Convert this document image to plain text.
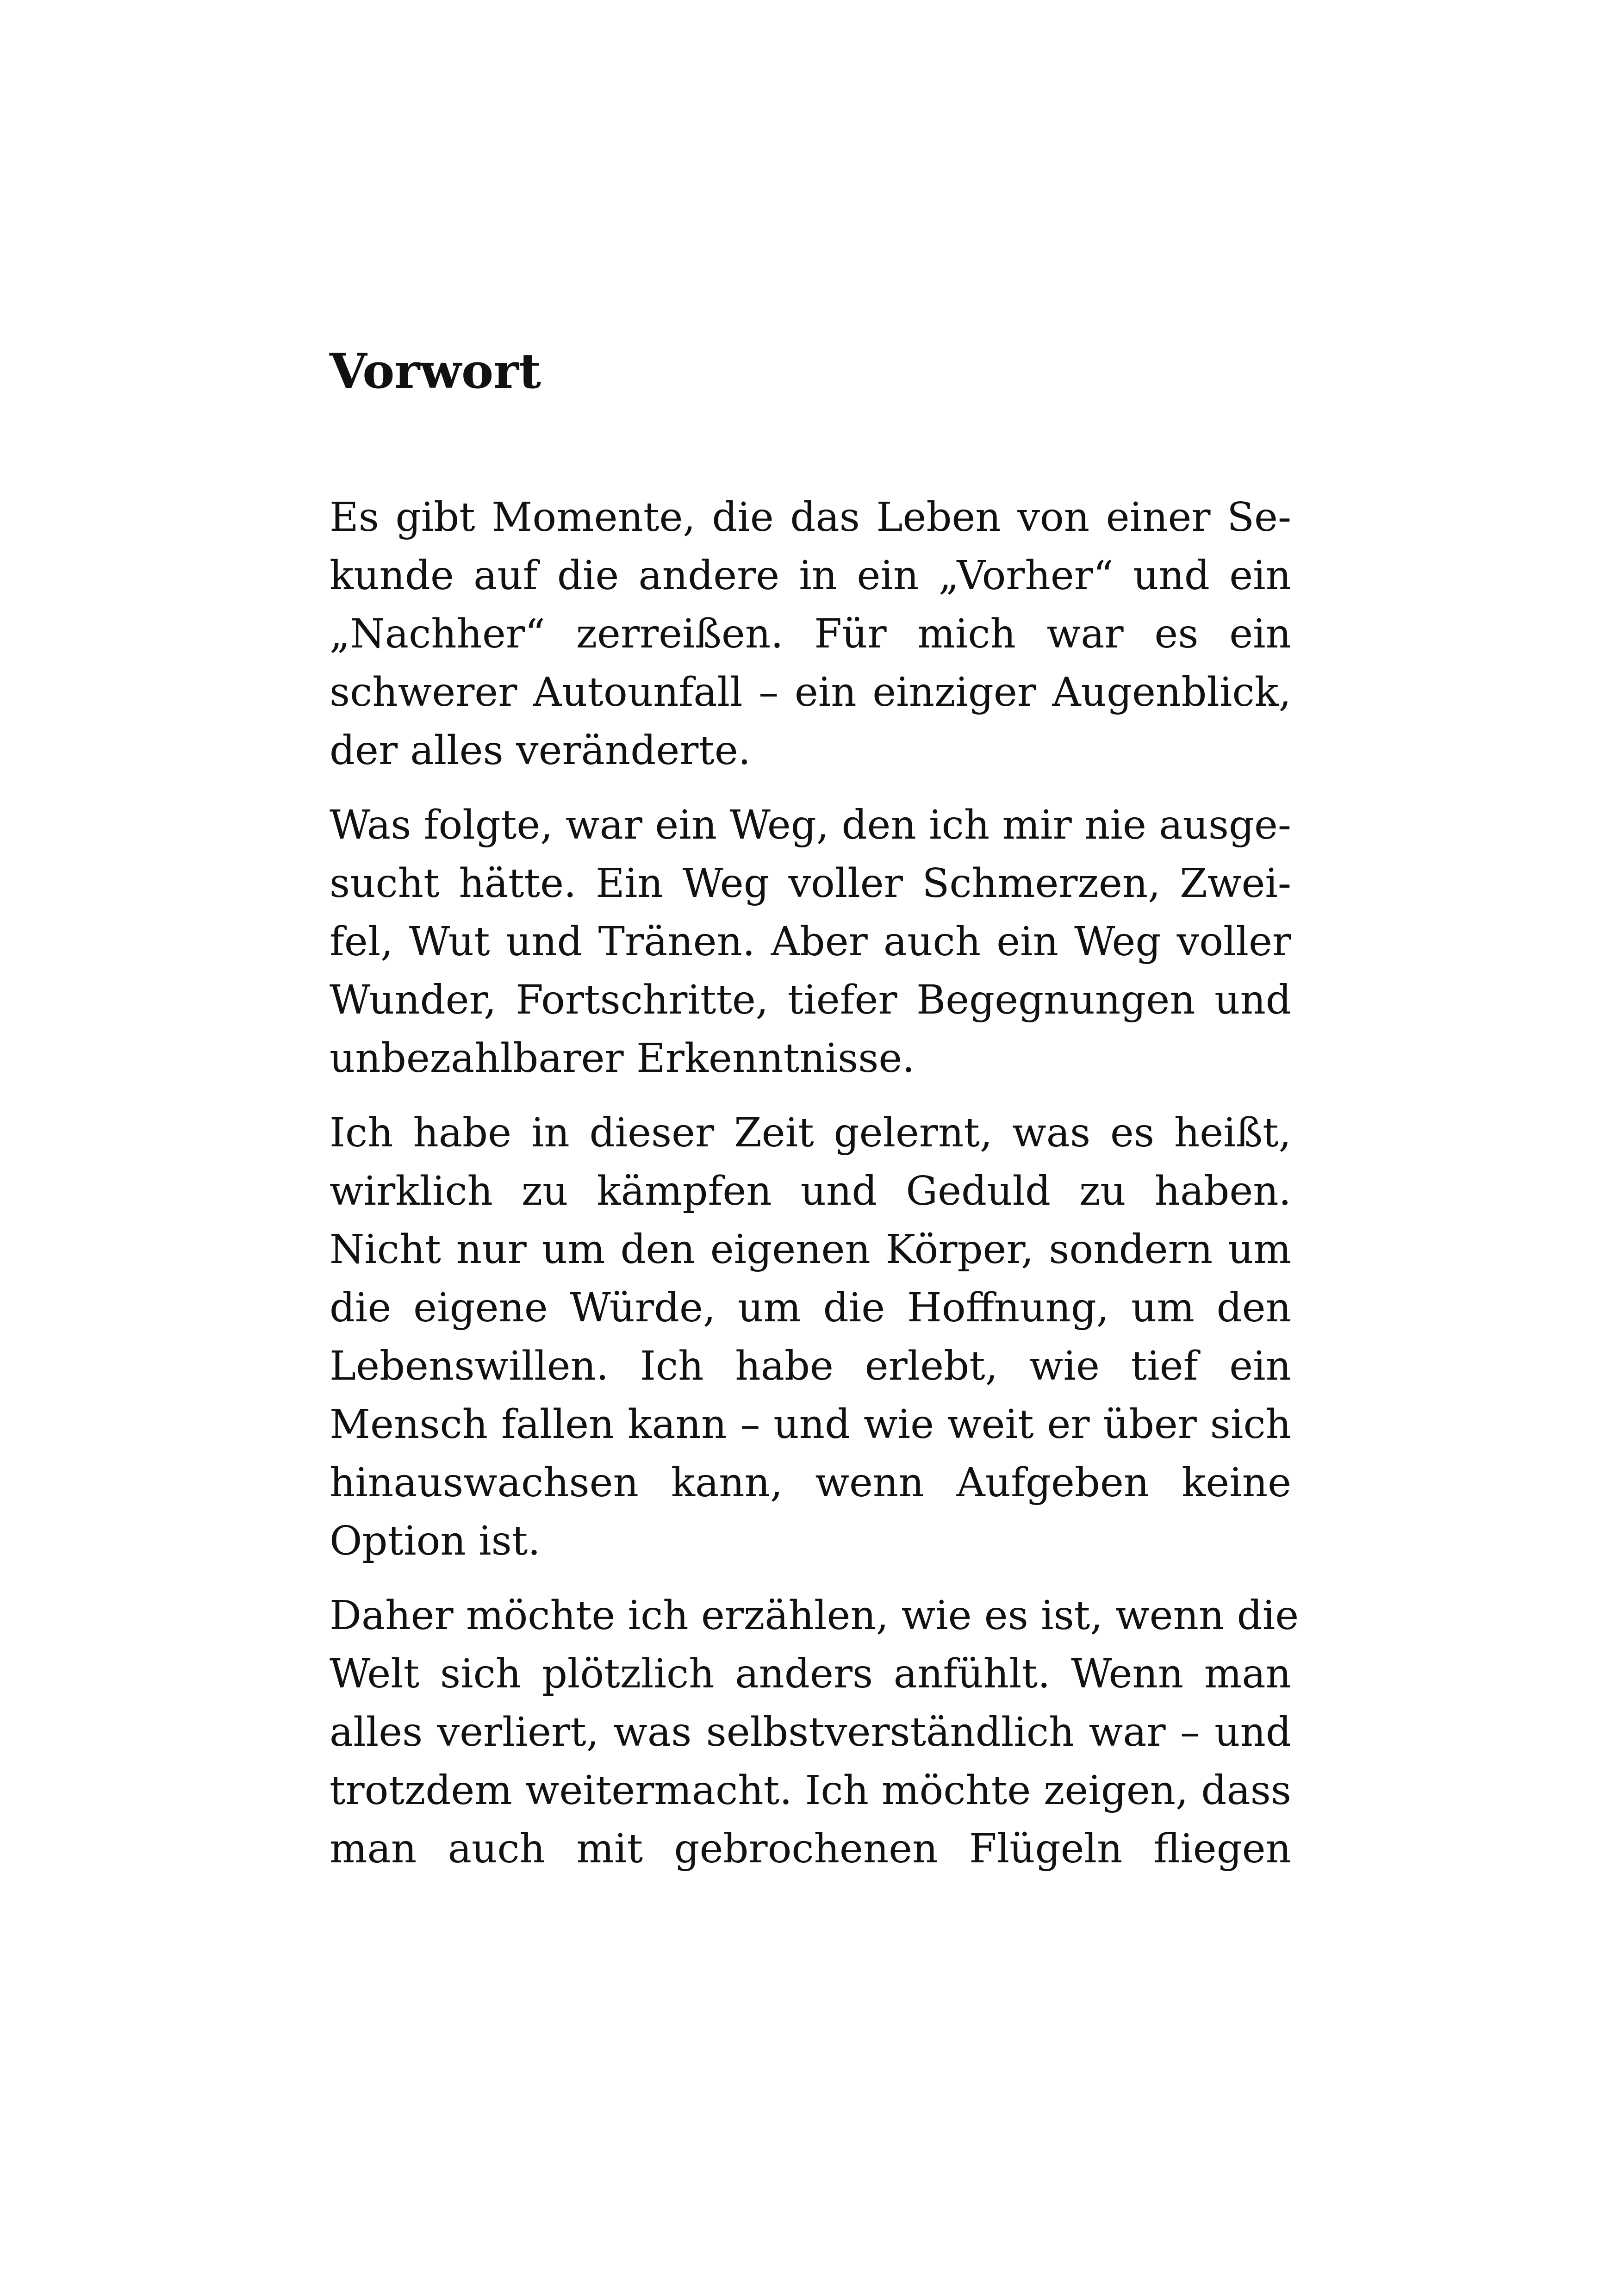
Vorwort

Es gibt Momente, die das Leben von einer Se-

kunde auf die andere in ein „Vorher“ und ein

„Nachher“ zerreißen. Für mich war es ein

schwerer Autounfall – ein einziger Augenblick,

der alles veränderte.

Was folgte, war ein Weg, den ich mir nie ausge-

sucht hätte. Ein Weg voller Schmerzen, Zwei-

fel, Wut und Tränen. Aber auch ein Weg voller

Wunder, Fortschritte, tiefer Begegnungen und

unbezahlbarer Erkenntnisse.

Ich habe in dieser Zeit gelernt, was es heißt,

wirklich zu kämpfen und Geduld zu haben.

Nicht nur um den eigenen Körper, sondern um

die eigene Würde, um die Hoffnung, um den

Lebenswillen. Ich habe erlebt, wie tief ein

Mensch fallen kann – und wie weit er über sich

hinauswachsen kann, wenn Aufgeben keine

Option ist.

Daher möchte ich erzählen, wie es ist, wenn die

Welt sich plötzlich anders anfühlt. Wenn man

alles verliert, was selbstverständlich war – und

trotzdem weitermacht. Ich möchte zeigen, dass

man auch mit gebrochenen Flügeln fliegen
